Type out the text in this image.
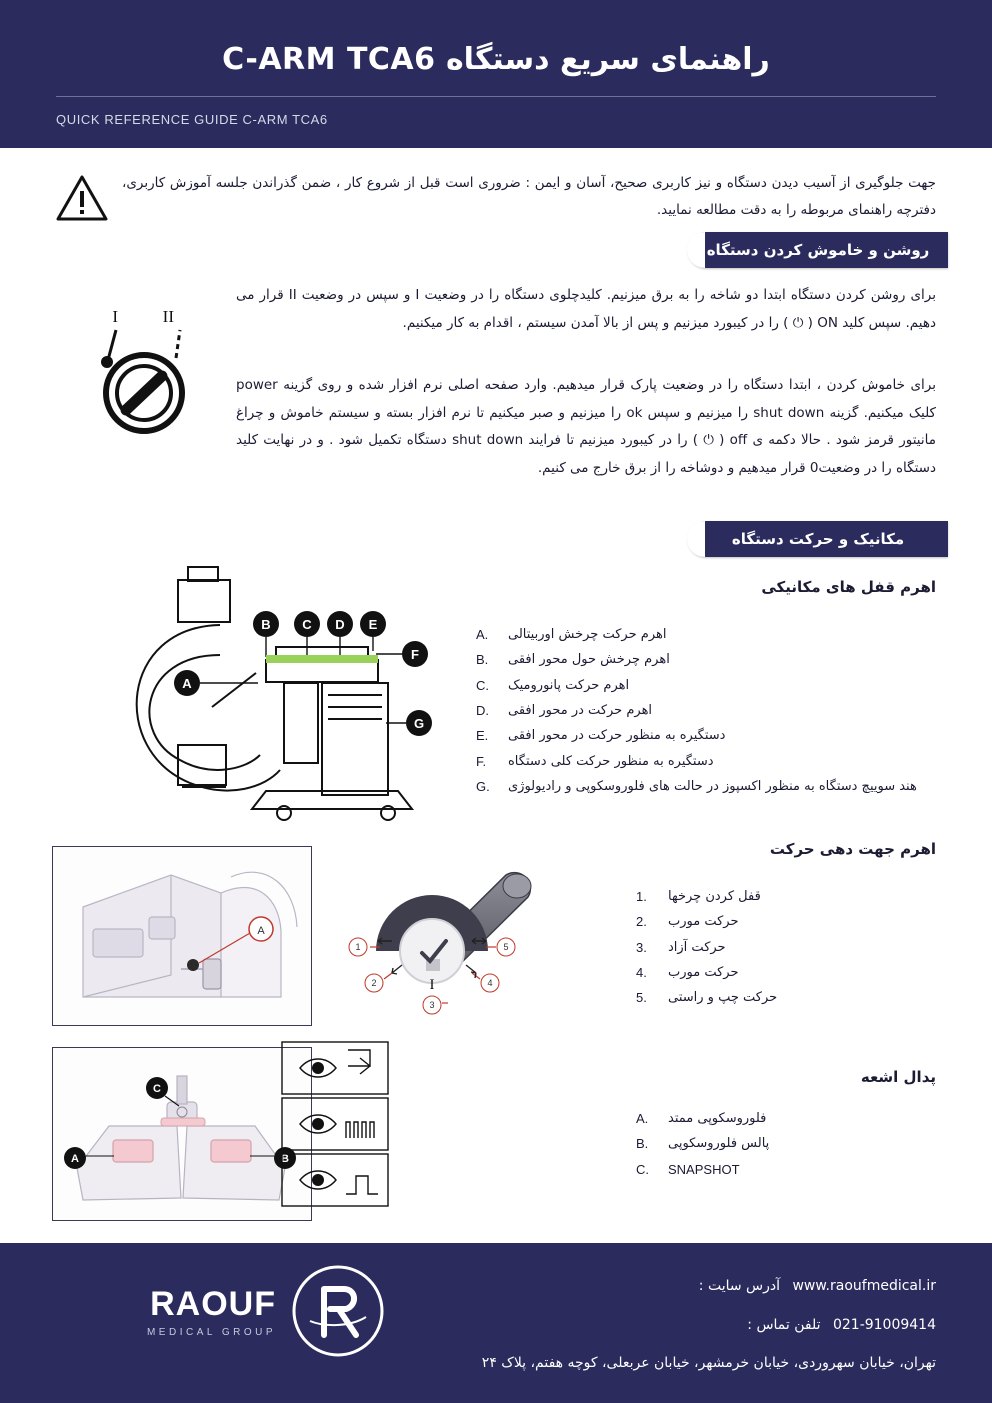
راهنمای سریع دستگاه C-ARM TCA6
QUICK REFERENCE GUIDE C-ARM TCA6
جهت جلوگیری از آسیب دیدن دستگاه و نیز کاربری صحیح، آسان و ایمن : ضروری است قبل از شروع کار ، ضمن گذراندن جلسه آموزش کاربری، دفترچه راهنمای مربوطه را به دقت مطالعه نمایید.
روشن و خاموش کردن دستگاه
I	II
برای روشن کردن دستگاه ابتدا دو شاخه را به برق میزنیم. کلیدچلوی دستگاه را در وضعیت I و سپس در وضعیت II قرار می دهیم. سپس کلید ON ( ⏻ ) را در کیبورد میزنیم و پس از بالا آمدن سیستم ، اقدام به کار میکنیم.
برای خاموش کردن ، ابتدا دستگاه را در وضعیت پارک قرار میدهیم. وارد صفحه اصلی نرم افزار شده و روی گزینه power کلیک میکنیم. گزینه shut down را میزنیم و سپس ok را میزنیم و صبر میکنیم تا نرم افزار بسته و سیستم خاموش و چراغ مانیتور قرمز شود . حالا دکمه ی off ( ⏻ ) را در کیبورد میزنیم تا فرایند shut down دستگاه تکمیل شود . و در نهایت کلید دستگاه را در وضعیت0 قرار میدهیم و دوشاخه را از برق خارج می کنیم.
مکانیک و حرکت دستگاه
A
B C D E
F
G
اهرم قفل های مکانیکی
A.	اهرم حرکت چرخش اوربیتالی
B.	اهرم چرخش حول محور افقی
C.	اهرم حرکت پانورومیک
D.	اهرم حرکت در محور افقی
E.	دستگیره به منظور حرکت در محور افقی
F.	دستگیره به منظور حرکت کلی دستگاه
G.	هند سوییچ دستگاه به منظور اکسپوز در حالت های فلوروسکوپی و رادیولوژی
A
I
1
2
3
4
5
اهرم جهت دهی حرکت
1.	قفل کردن چرخها
2.	حرکت مورب
3.	حرکت آزاد
4.	حرکت مورب
5.	حرکت چپ و راستی
A	B
C
پدال اشعه
A.	فلوروسکوپی ممتد
B.	پالس فلوروسکوپی
C.	SNAPSHOT
www.raoufmedical.ir آدرس سایت :
021-91009414 تلفن تماس :
تهران، خیابان سهروردی، خیابان خرمشهر، خیابان عربعلی، کوچه هفتم، پلاک ۲۴
RAOUF
MEDICAL GROUP
